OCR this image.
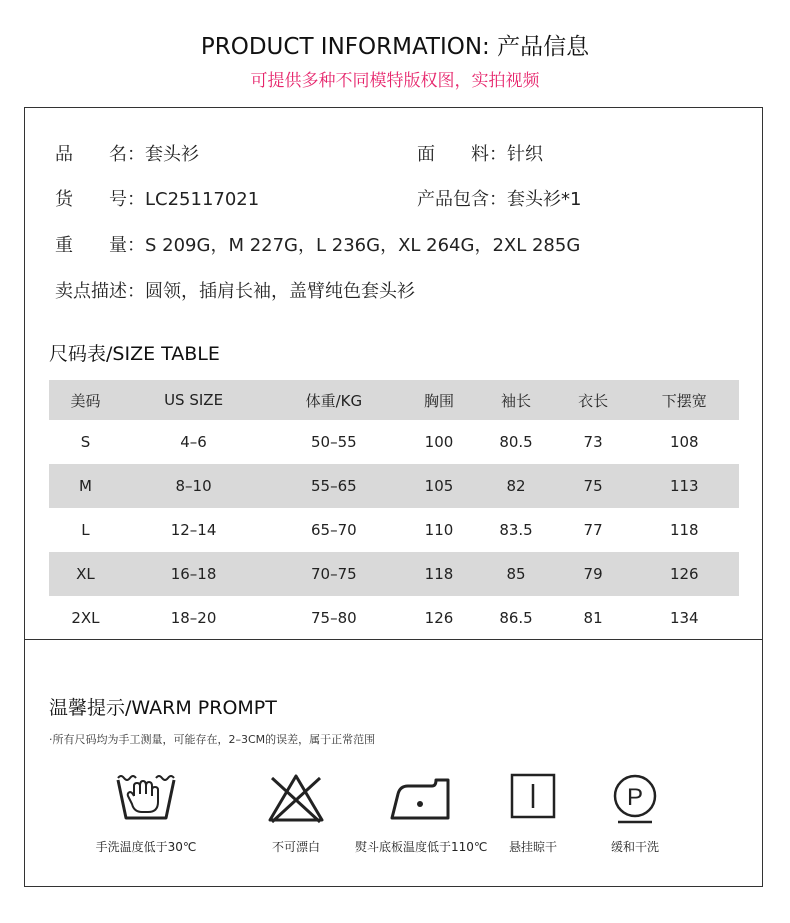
PRODUCT INFORMATION: 产品信息
可提供多种不同模特版权图，实拍视频
品　　名：套头衫	面　　料：针织
货　　号：LC25117021	产品包含：套头衫*1
重　　量：S 209G，M 227G，L 236G，XL 264G，2XL 285G
卖点描述：圆领，插肩长袖，盖臂纯色套头衫
尺码表/SIZE TABLE
美码	US SIZE	体重/KG	胸围	袖长	衣长	下摆宽
S	4–6	50–55	100	80.5	73	108
M	8–10	55–65	105	82	75	113
L	12–14	65–70	110	83.5	77	118
XL	16–18	70–75	118	85	79	126
2XL	18–20	75–80	126	86.5	81	134
温馨提示/WARM PROMPT
·所有尺码均为手工测量，可能存在，2–3CM的误差，属于正常范围
手洗温度低于30℃	不可漂白	熨斗底板温度低于110℃	悬挂晾干
P
缓和干洗
